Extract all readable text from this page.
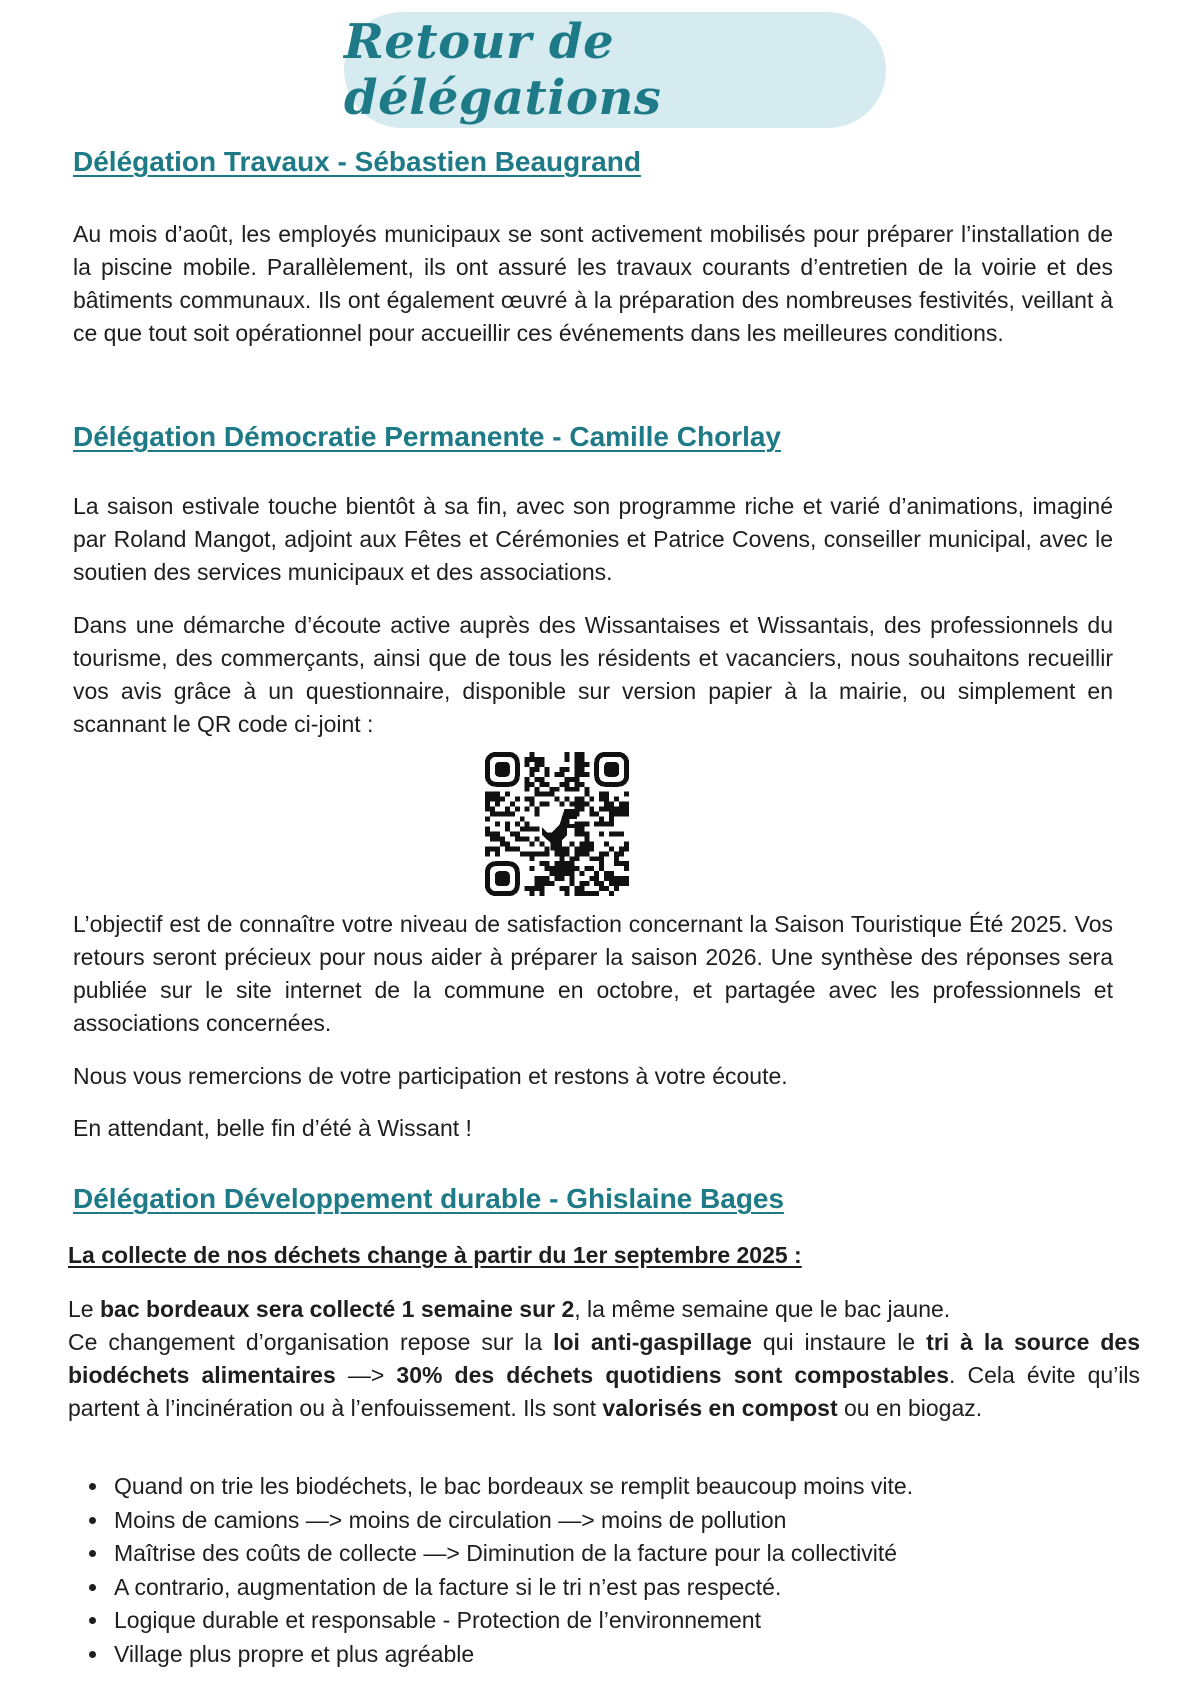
Retour de délégations
Délégation Travaux - Sébastien Beaugrand

Au mois d’août, les employés municipaux se sont activement mobilisés pour préparer l’installation de la piscine mobile. Parallèlement, ils ont assuré les travaux courants d’entretien de la voirie et des bâtiments communaux. Ils ont également œuvré à la préparation des nombreuses festivités, veillant à ce que tout soit opérationnel pour accueillir ces événements dans les meilleures conditions.

Délégation Démocratie Permanente - Camille Chorlay

La saison estivale touche bientôt à sa fin, avec son programme riche et varié d’animations, imaginé par Roland Mangot, adjoint aux Fêtes et Cérémonies et Patrice Covens, conseiller municipal, avec le soutien des services municipaux et des associations.

Dans une démarche d’écoute active auprès des Wissantaises et Wissantais, des professionnels du tourisme, des commerçants, ainsi que de tous les résidents et vacanciers, nous souhaitons recueillir vos avis grâce à un questionnaire, disponible sur version papier à la mairie, ou simplement en scannant le QR code ci-joint :

L’objectif est de connaître votre niveau de satisfaction concernant la Saison Touristique Été 2025. Vos retours seront précieux pour nous aider à préparer la saison 2026. Une synthèse des réponses sera publiée sur le site internet de la commune en octobre, et partagée avec les professionnels et associations concernées.

Nous vous remercions de votre participation et restons à votre écoute.

En attendant, belle fin d’été à Wissant !

Délégation Développement durable - Ghislaine Bages
La collecte de nos déchets change à partir du 1er septembre 2025 :

Le bac bordeaux sera collecté 1 semaine sur 2, la même semaine que le bac jaune.

Ce changement d’organisation repose sur la loi anti-gaspillage qui instaure le tri à la source des biodéchets alimentaires —> 30% des déchets quotidiens sont compostables. Cela évite qu’ils partent à l’incinération ou à l’enfouissement. Ils sont valorisés en compost ou en biogaz.

• Quand on trie les biodéchets, le bac bordeaux se remplit beaucoup moins vite.
• Moins de camions —> moins de circulation —> moins de pollution
• Maîtrise des coûts de collecte —> Diminution de la facture pour la collectivité
• A contrario, augmentation de la facture si le tri n’est pas respecté.
• Logique durable et responsable - Protection de l’environnement
• Village plus propre et plus agréable
